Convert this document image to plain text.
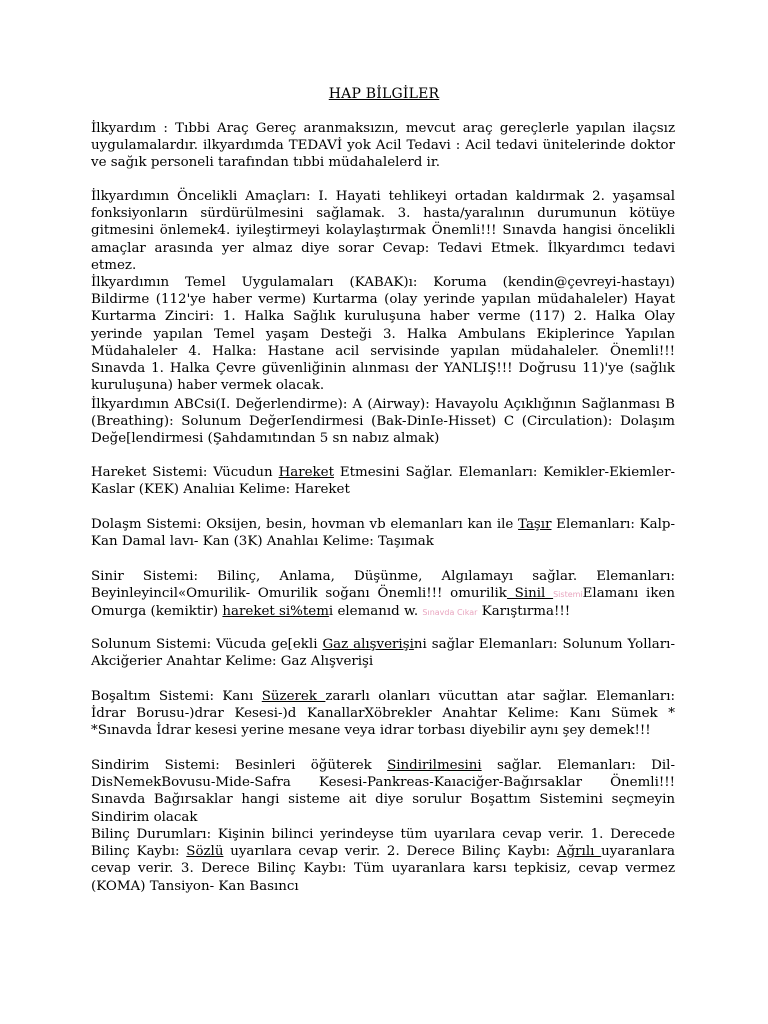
HAP BİLGİLER

İlkyardım : Tıbbi Araç Gereç aranmaksızın, mevcut araç gereçlerle yapılan ilaçsız uygulamalardır. ilkyardımda TEDAVİ yok Acil Tedavi : Acil tedavi ünitelerinde doktor ve sağık personeli tarafından tıbbi müdahalelerd ir.

İlkyardımın Öncelikli Amaçları: I. Hayati tehlikeyi ortadan kaldırmak 2. yaşamsal fonksiyonların sürdürülmesini sağlamak. 3. hasta/yaralının durumunun kötüye gitmesini önlemek4. iyileştirmeyi kolaylaştırmak Önemli!!! Sınavda hangisi öncelikli amaçlar arasında yer almaz diye sorar Cevap: Tedavi Etmek. İlkyardımcı tedavi etmez.

İlkyardımın Temel Uygulamaları (KABAK)ı: Koruma (kendin@çevreyi-hastayı) Bildirme (112'ye haber verme) Kurtarma (olay yerinde yapılan müdahaleler) Hayat Kurtarma Zinciri: 1. Halka Sağlık kuruluşuna haber verme (117) 2. Halka Olay yerinde yapılan Temel yaşam Desteği 3. Halka Ambulans Ekiplerince Yapılan Müdahaleler 4. Halka: Hastane acil servisinde yapılan müdahaleler. Önemli!!! Sınavda 1. Halka Çevre güvenliğinin alınması der YANLIŞ!!! Doğrusu 11)'ye (sağlık kuruluşuna) haber vermek olacak.

İlkyardımın ABCsi(I. Değerlendirme): A (Airway): Havayolu Açıklığının Sağlanması B (Breathing): Solunum DeğerIendirmesi (Bak-DinIe-Hisset) C (Circulation): Dolaşım Değe[lendirmesi (Şahdamıtından 5 sn nabız almak)

Hareket Sistemi: Vücudun Hareket Etmesini Sağlar. Elemanları: Kemikler-Ekiemler-Kaslar (KEK) Analıiaı Kelime: Hareket

Dolaşm Sistemi: Oksijen, besin, hovman vb elemanları kan ile Taşır Elemanları: Kalp- Kan Damal lavı- Kan (3K) Anahlaı Kelime: Taşımak

Sinir Sistemi: Bilinç, Anlama, Düşünme, Algılamayı sağlar. Elemanları: Beyinleyincil«Omurilik- Omurilik soğanı Önemli!!! omurilik Sinil SistemiElamanı iken Omurga (kemiktir) hareket si%temi elemanıd w. Sınavda Cıkar Karıştırma!!!

Solunum Sistemi: Vücuda ge[ekli Gaz alışverişini sağlar Elemanları: Solunum Yolları-Akciğerier Anahtar Kelime: Gaz Alışverişi

Boşaltım Sistemi: Kanı Süzerek zararlı olanları vücuttan atar sağlar. Elemanları: İdrar Borusu-)drar Kesesi-)d KanallarXöbrekler Anahtar Kelime: Kanı Sümek * *Sınavda İdrar kesesi yerine mesane veya idrar torbası diyebilir aynı şey demek!!!

Sindirim Sistemi: Besinleri öğüterek Sindirilmesini sağlar. Elemanları: Dil-DisNemekBovusu-Mide-Safra Kesesi-Pankreas-Kaıaciğer-Bağırsaklar Önemli!!! Sınavda Bağırsaklar hangi sisteme ait diye sorulur Boşattım Sistemini seçmeyin Sindirim olacak

Bilinç Durumları: Kişinin bilinci yerindeyse tüm uyarılara cevap verir. 1. Derecede Bilinç Kaybı: Sözlü uyarılara cevap verir. 2. Derece Bilinç Kaybı: Ağrılı uyaranlara cevap verir. 3. Derece Bilinç Kaybı: Tüm uyaranlara karsı tepkisiz, cevap vermez (KOMA) Tansiyon- Kan Basıncı
